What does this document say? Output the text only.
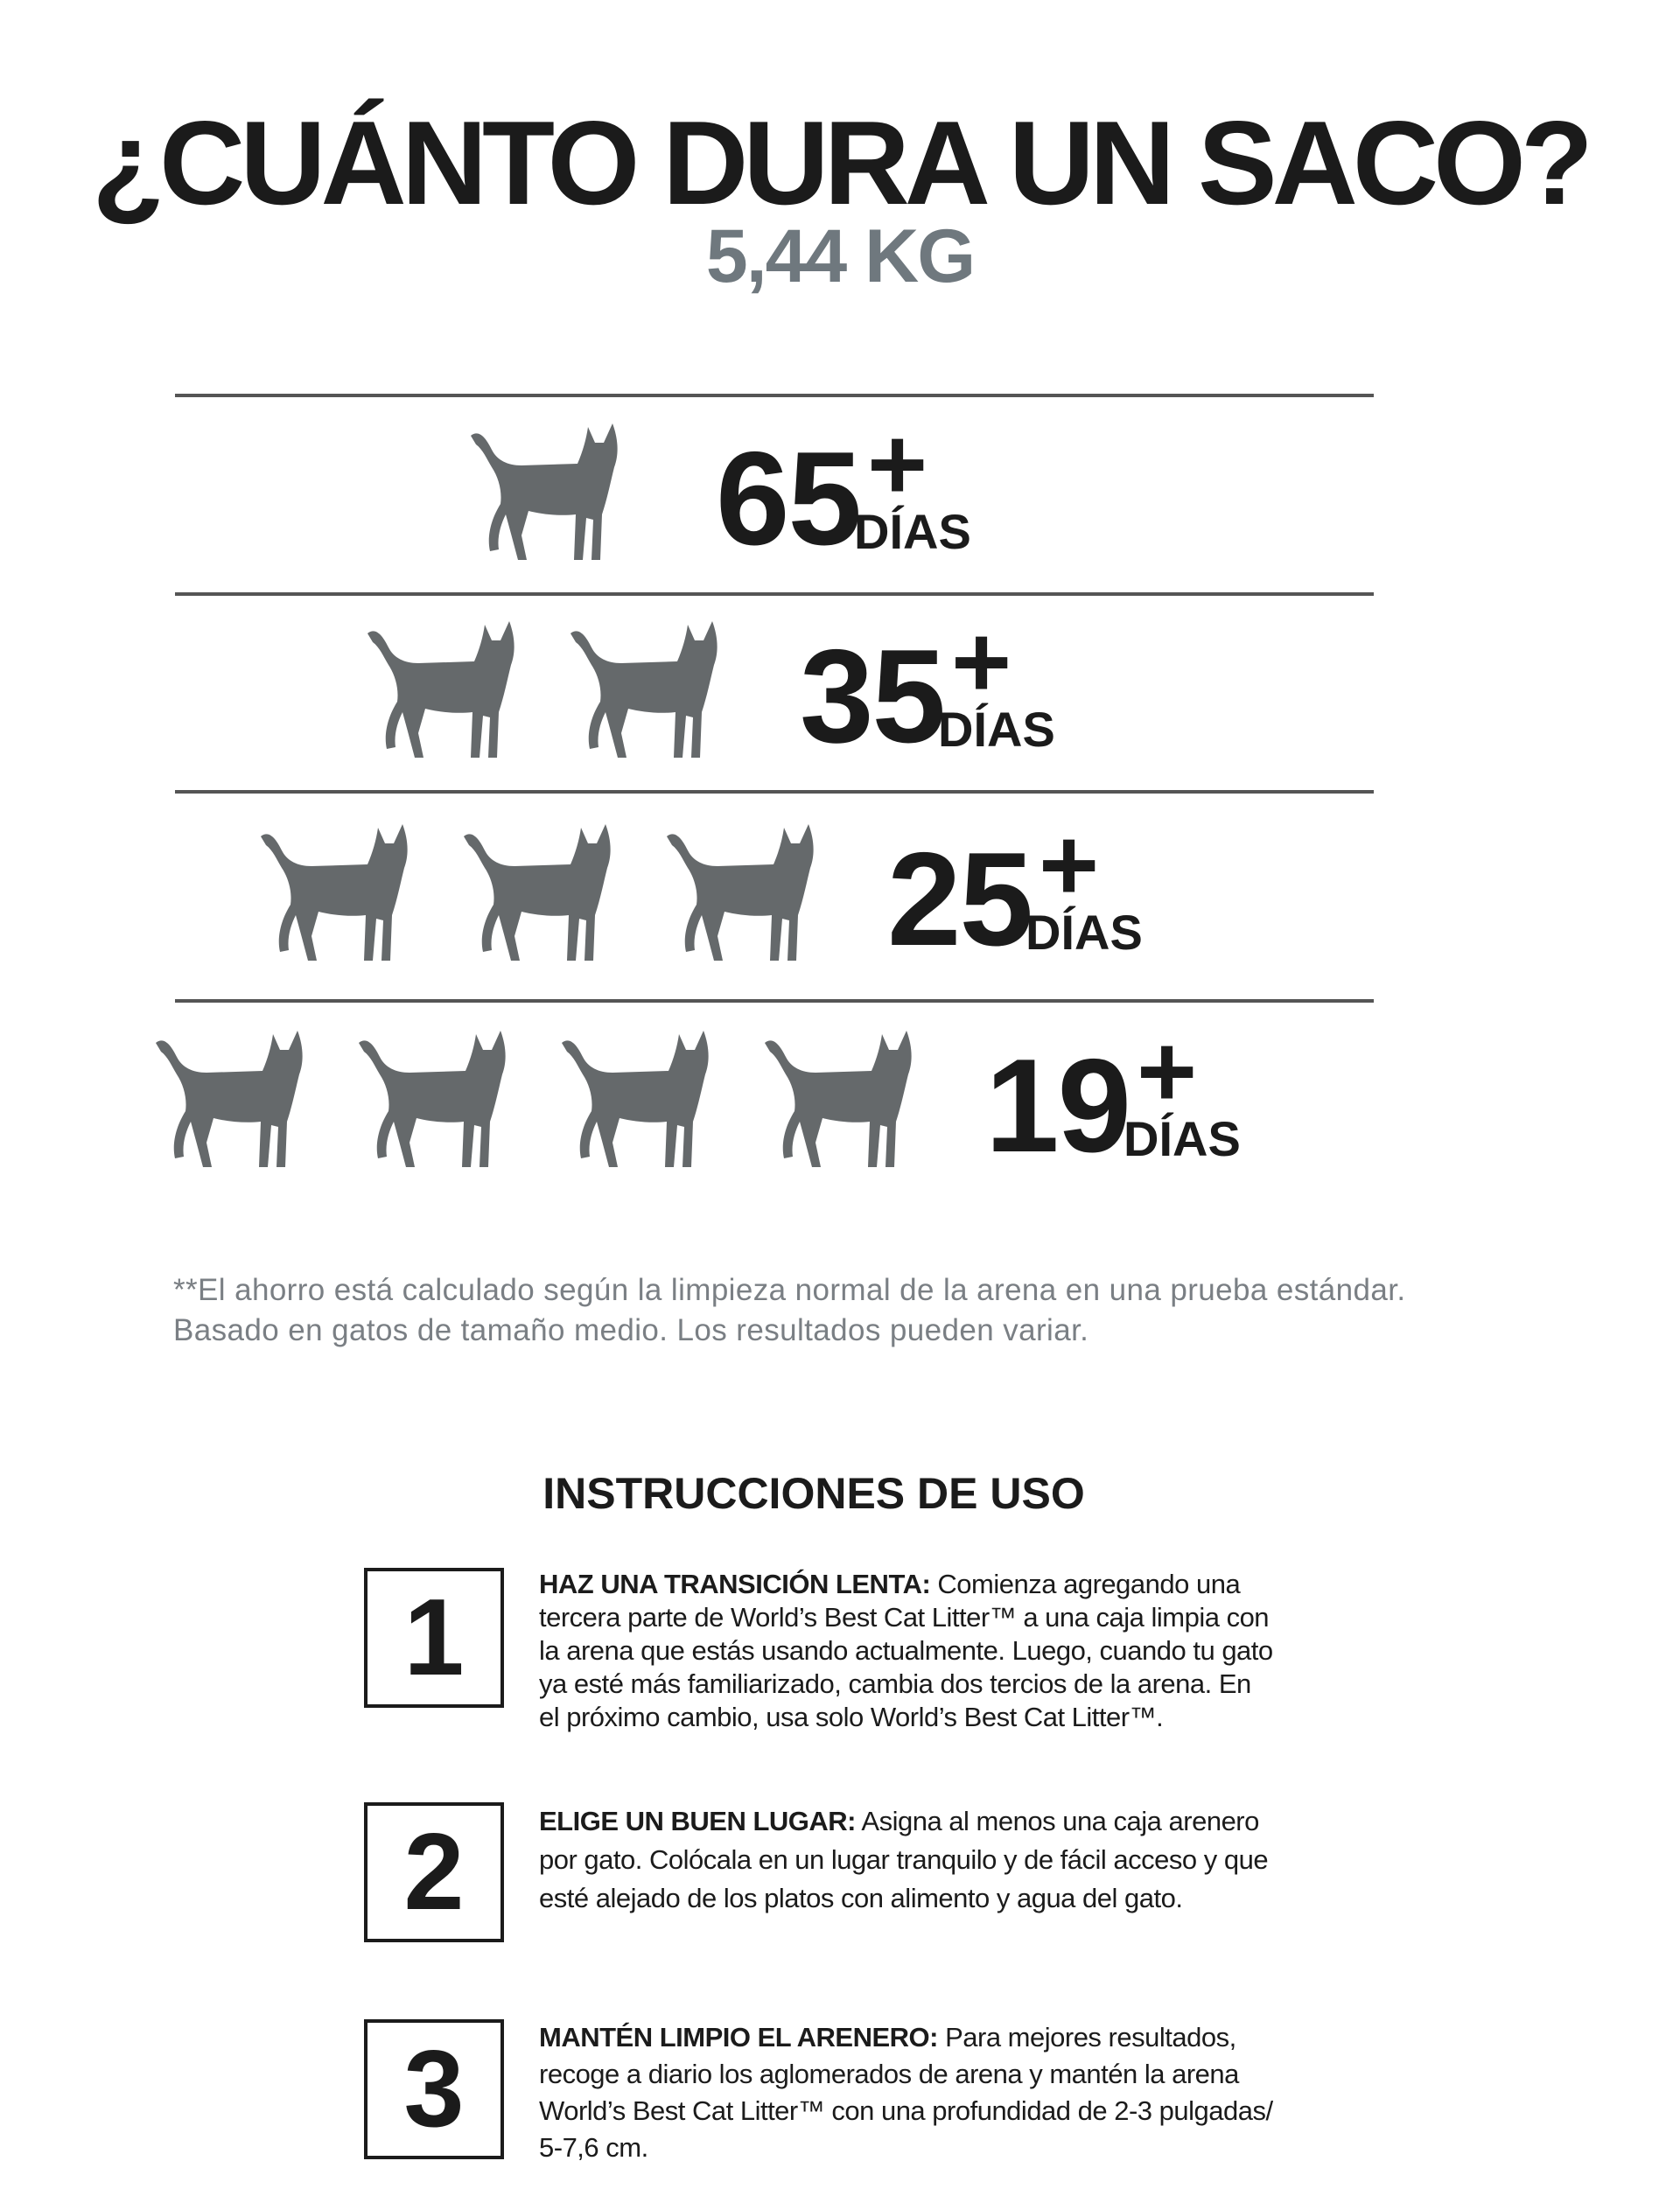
¿CUÁNTO DURA UN SACO?
5,44 KG
65 +
DÍAS
35 +
DÍAS
25 +
DÍAS
19 +
DÍAS
**El ahorro está calculado según la limpieza normal de la arena en una prueba estándar. Basado en gatos de tamaño medio. Los resultados pueden variar.
INSTRUCCIONES DE USO
1	HAZ UNA TRANSICIÓN LENTA: Comienza agregando una tercera parte de World’s Best Cat Litter™ a una caja limpia con la arena que estás usando actualmente. Luego, cuando tu gato ya esté más familiarizado, cambia dos tercios de la arena. En el próximo cambio, usa solo World’s Best Cat Litter™.
2	ELIGE UN BUEN LUGAR: Asigna al menos una caja arenero por gato. Colócala en un lugar tranquilo y de fácil acceso y que esté alejado de los platos con alimento y agua del gato.
3	MANTÉN LIMPIO EL ARENERO: Para mejores resultados, recoge a diario los aglomerados de arena y mantén la arena World’s Best Cat Litter™ con una profundidad de 2-3 pulgadas/ 5-7,6 cm.
